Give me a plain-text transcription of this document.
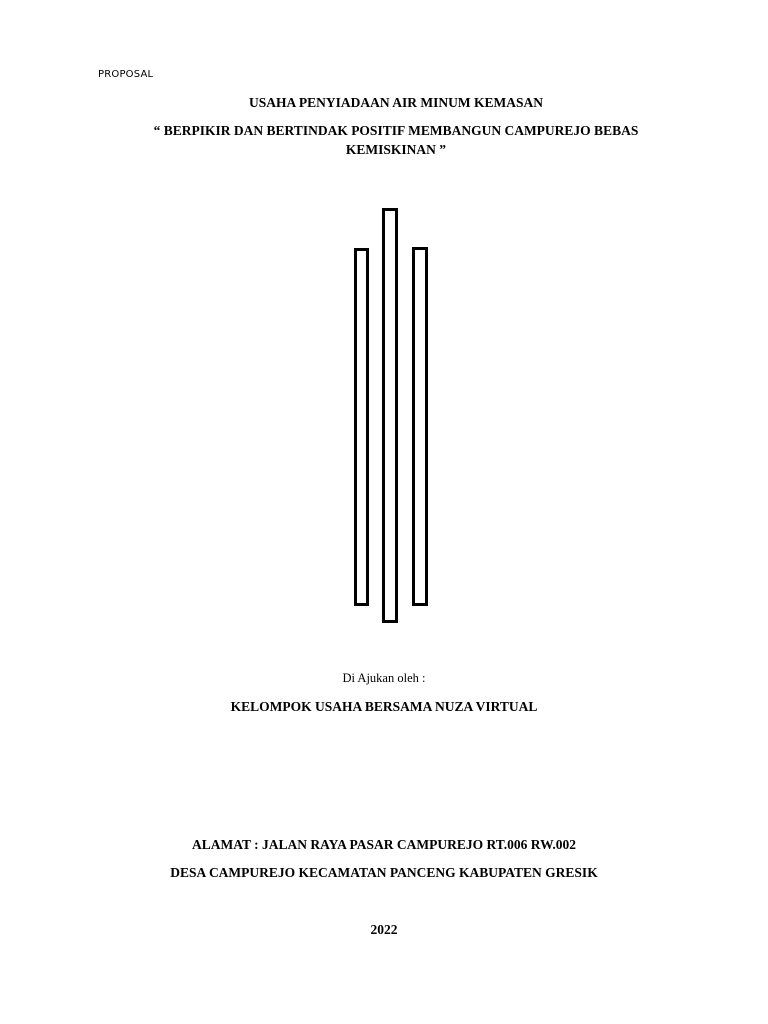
PROPOSAL
USAHA PENYIADAAN AIR MINUM KEMASAN
“ BERPIKIR DAN BERTINDAK POSITIF MEMBANGUN CAMPUREJO BEBAS
KEMISKINAN ”
Di Ajukan oleh :
KELOMPOK USAHA BERSAMA NUZA VIRTUAL
ALAMAT : JALAN RAYA PASAR CAMPUREJO RT.006 RW.002
DESA CAMPUREJO KECAMATAN PANCENG KABUPATEN GRESIK
2022
